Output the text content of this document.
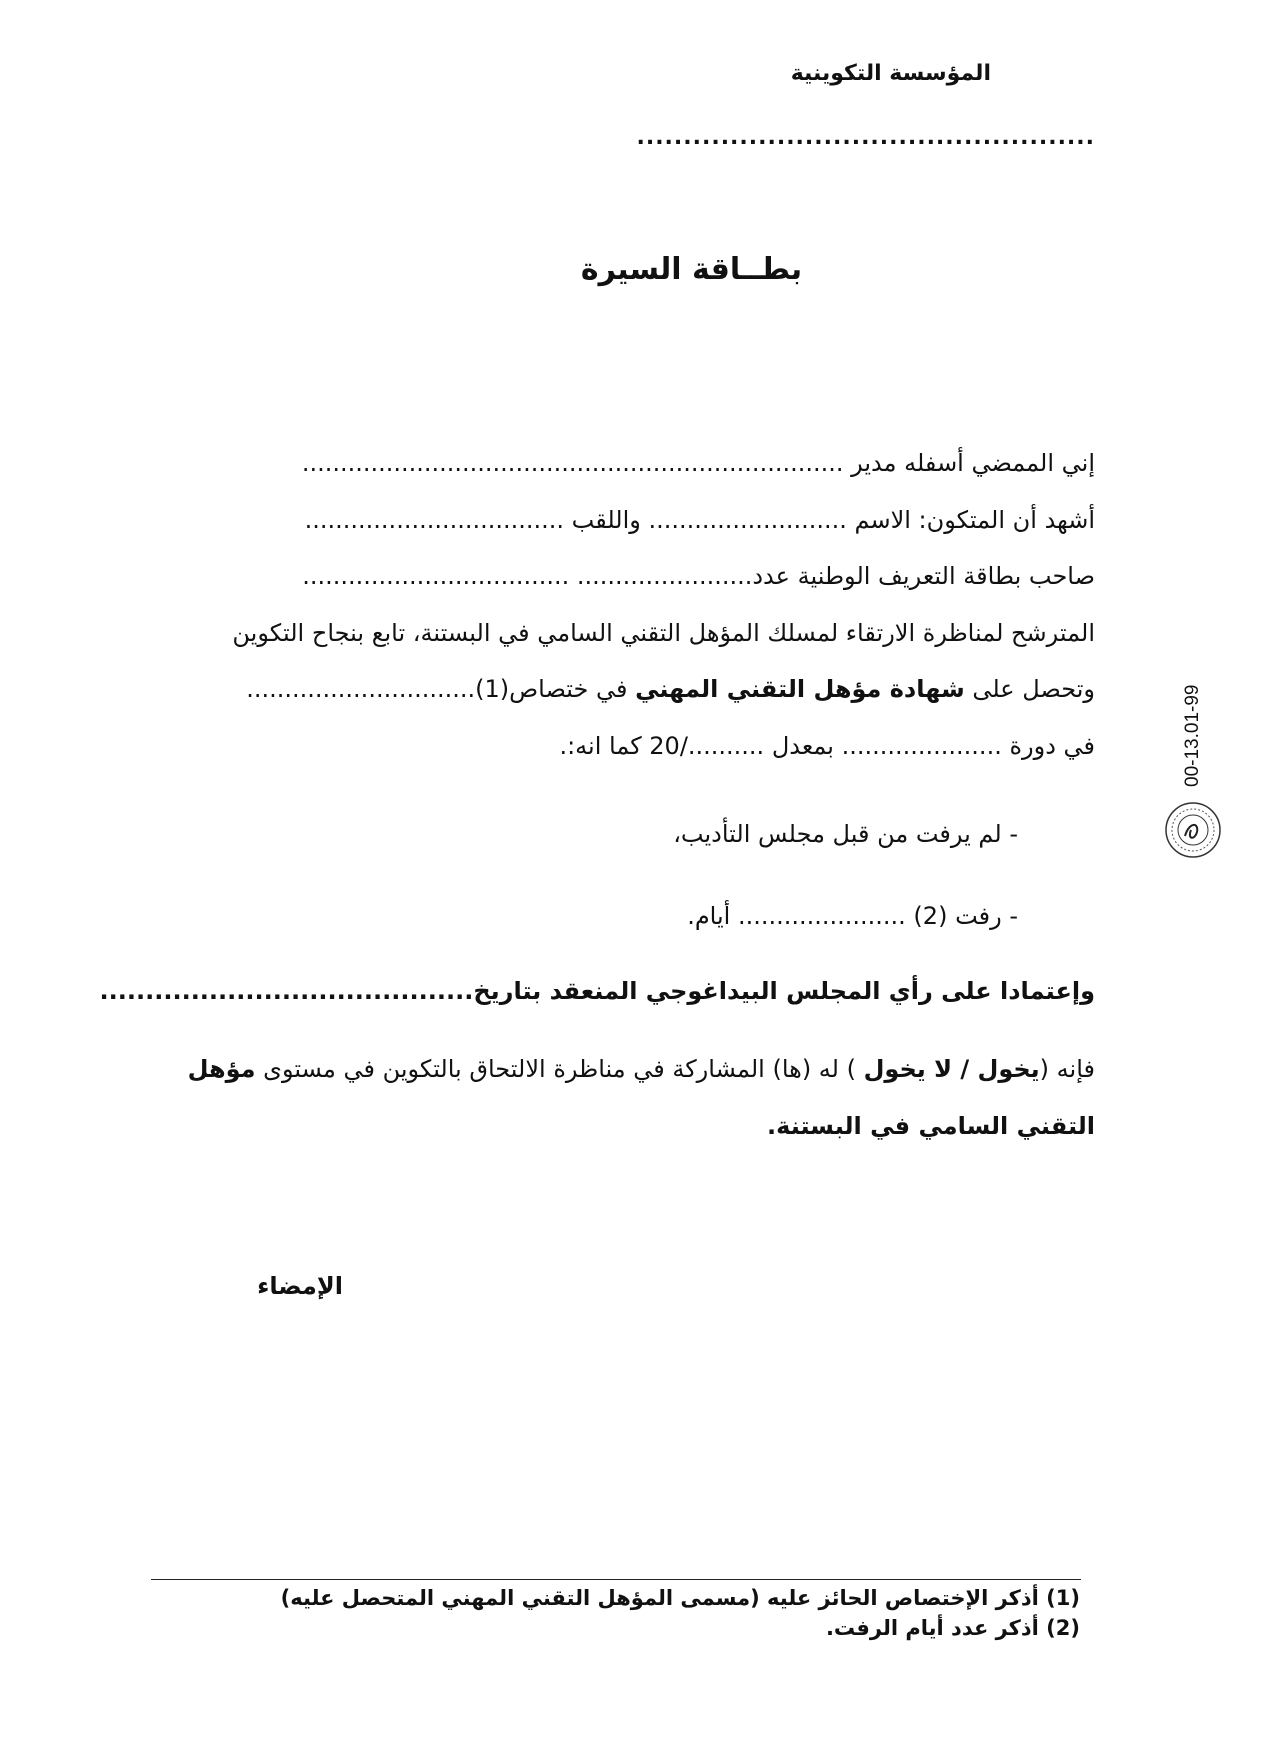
المؤسسة التكوينية
.................................................
بطــاقة السيرة
إني الممضي أسفله مدير .......................................................................
أشهد أن المتكون: الاسم .......................... واللقب ..................................
صاحب بطاقة التعريف الوطنية عدد....................... ...................................
المترشح لمناظرة الارتقاء لمسلك المؤهل التقني السامي في البستنة، تابع بنجاح التكوين
وتحصل على شهادة مؤهل التقني المهني في ختصاص(1)..............................
في دورة ..................... بمعدل ........../20 كما انه:.
- لم يرفت من قبل مجلس التأديب،
- رفت (2) ...................... أيام.
وإعتمادا على رأي المجلس البيداغوجي المنعقد بتاريخ.........................................
فإنه (يخول / لا يخول ) له (ها) المشاركة في مناظرة الالتحاق بالتكوين في مستوى مؤهل
التقني السامي في البستنة.
الإمضاء
(1) أذكر الإختصاص الحائز عليه (مسمى المؤهل التقني المهني المتحصل عليه)
(2) أذكر عدد أيام الرفت.
00-13.01-99
